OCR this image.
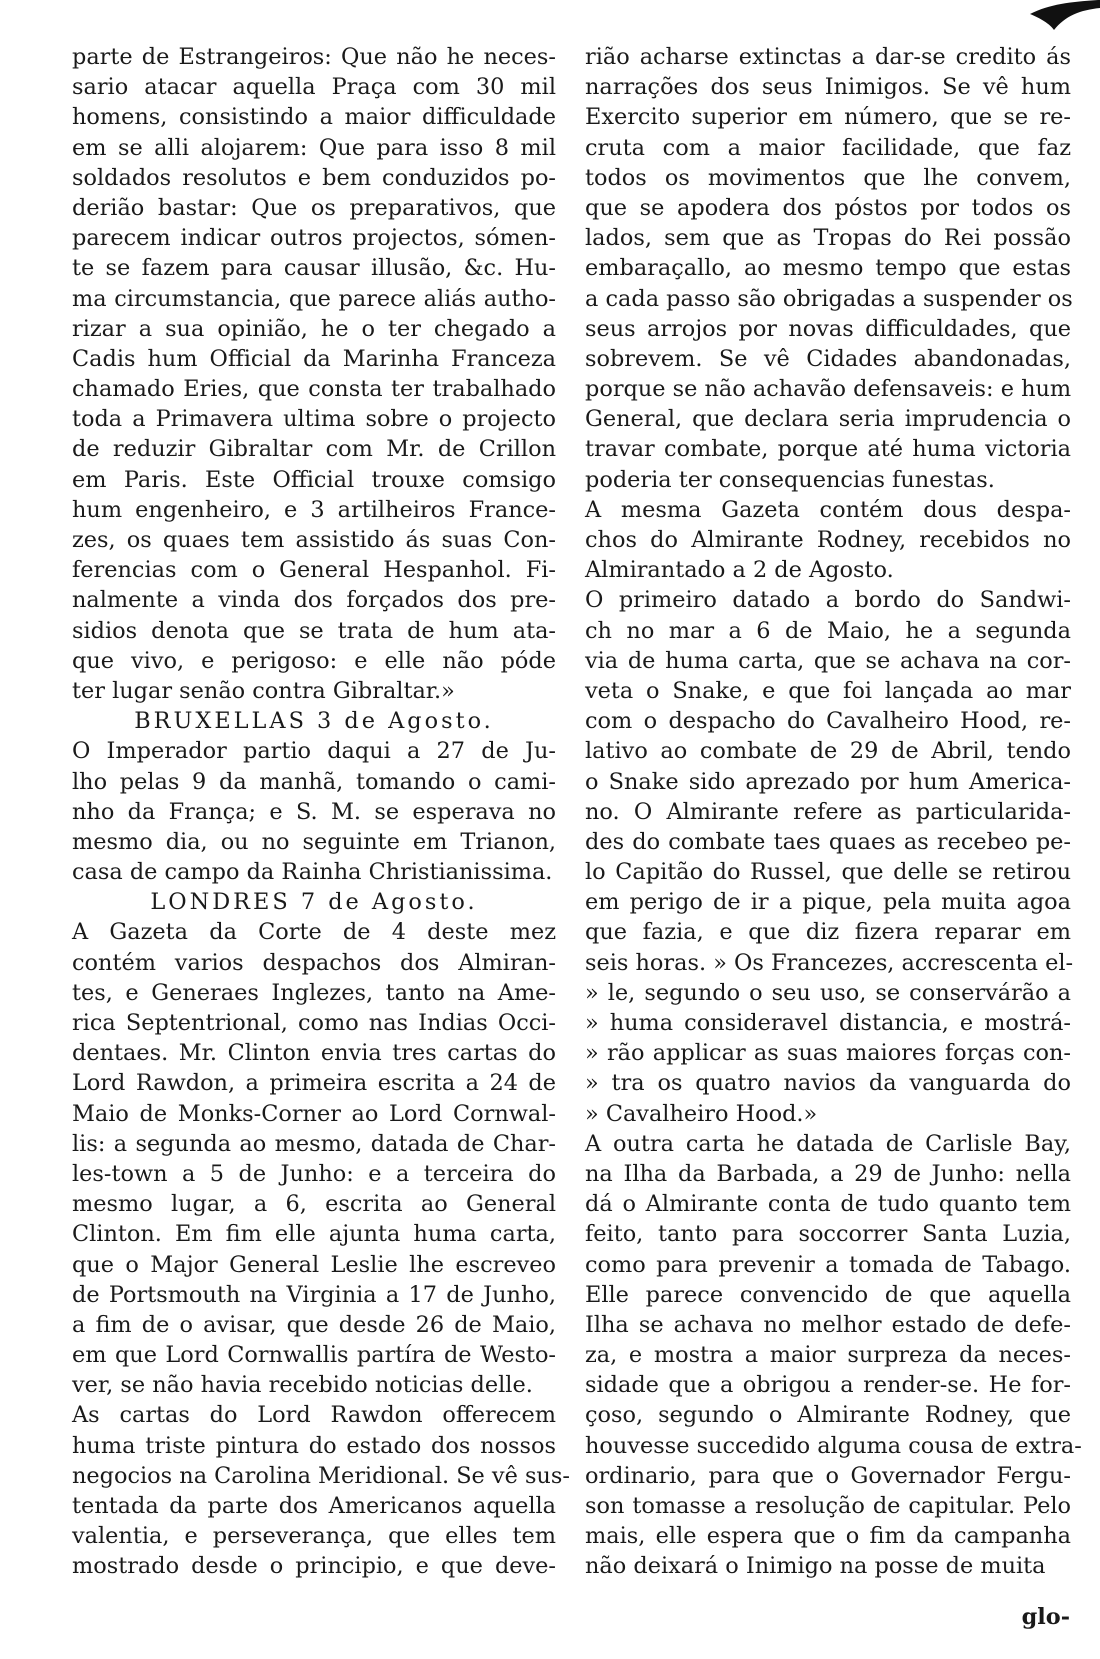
parte de Estrangeiros: Que não he neces-
sario atacar aquella Praça com 30 mil
homens, consistindo a maior difficuldade
em se alli alojarem: Que para isso 8 mil
soldados resolutos e bem conduzidos po-
derião bastar: Que os preparativos, que
parecem indicar outros projectos, sómen-
te se fazem para causar illusão, &c. Hu-
ma circumstancia, que parece aliás autho-
rizar a sua opinião, he o ter chegado a
Cadis hum Official da Marinha Franceza
chamado Eries, que consta ter trabalhado
toda a Primavera ultima sobre o projecto
de reduzir Gibraltar com Mr. de Crillon
em Paris. Este Official trouxe comsigo
hum engenheiro, e 3 artilheiros France-
zes, os quaes tem assistido ás suas Con-
ferencias com o General Hespanhol. Fi-
nalmente a vinda dos forçados dos pre-
sidios denota que se trata de hum ata-
que vivo, e perigoso: e elle não póde
ter lugar senão contra Gibraltar.»
BRUXELLAS 3 de Agosto.
O Imperador partio daqui a 27 de Ju-
lho pelas 9 da manhã, tomando o cami-
nho da França; e S. M. se esperava no
mesmo dia, ou no seguinte em Trianon,
casa de campo da Rainha Christianissima.
LONDRES 7 de Agosto.
A Gazeta da Corte de 4 deste mez
contém varios despachos dos Almiran-
tes, e Generaes Inglezes, tanto na Ame-
rica Septentrional, como nas Indias Occi-
dentaes. Mr. Clinton envia tres cartas do
Lord Rawdon, a primeira escrita a 24 de
Maio de Monks-Corner ao Lord Cornwal-
lis: a segunda ao mesmo, datada de Char-
les-town a 5 de Junho: e a terceira do
mesmo lugar, a 6, escrita ao General
Clinton. Em fim elle ajunta huma carta,
que o Major General Leslie lhe escreveo
de Portsmouth na Virginia a 17 de Junho,
a fim de o avisar, que desde 26 de Maio,
em que Lord Cornwallis partíra de Westo-
ver, se não havia recebido noticias delle.
As cartas do Lord Rawdon offerecem
huma triste pintura do estado dos nossos
negocios na Carolina Meridional. Se vê sus-
tentada da parte dos Americanos aquella
valentia, e perseverança, que elles tem
mostrado desde o principio, e que deve-
rião acharse extinctas a dar-se credito ás
narrações dos seus Inimigos. Se vê hum
Exercito superior em número, que se re-
cruta com a maior facilidade, que faz
todos os movimentos que lhe convem,
que se apodera dos póstos por todos os
lados, sem que as Tropas do Rei possão
embaraçallo, ao mesmo tempo que estas
a cada passo são obrigadas a suspender os
seus arrojos por novas difficuldades, que
sobrevem. Se vê Cidades abandonadas,
porque se não achavão defensaveis: e hum
General, que declara seria imprudencia o
travar combate, porque até huma victoria
poderia ter consequencias funestas.
A mesma Gazeta contém dous despa-
chos do Almirante Rodney, recebidos no
Almirantado a 2 de Agosto.
O primeiro datado a bordo do Sandwi-
ch no mar a 6 de Maio, he a segunda
via de huma carta, que se achava na cor-
veta o Snake, e que foi lançada ao mar
com o despacho do Cavalheiro Hood, re-
lativo ao combate de 29 de Abril, tendo
o Snake sido aprezado por hum America-
no. O Almirante refere as particularida-
des do combate taes quaes as recebeo pe-
lo Capitão do Russel, que delle se retirou
em perigo de ir a pique, pela muita agoa
que fazia, e que diz fizera reparar em
seis horas. » Os Francezes, accrescenta el-
» le, segundo o seu uso, se conservárão a
» huma consideravel distancia, e mostrá-
» rão applicar as suas maiores forças con-
» tra os quatro navios da vanguarda do
» Cavalheiro Hood.»
A outra carta he datada de Carlisle Bay,
na Ilha da Barbada, a 29 de Junho: nella
dá o Almirante conta de tudo quanto tem
feito, tanto para soccorrer Santa Luzia,
como para prevenir a tomada de Tabago.
Elle parece convencido de que aquella
Ilha se achava no melhor estado de defe-
za, e mostra a maior surpreza da neces-
sidade que a obrigou a render-se. He for-
çoso, segundo o Almirante Rodney, que
houvesse succedido alguma cousa de extra-
ordinario, para que o Governador Fergu-
son tomasse a resolução de capitular. Pelo
mais, elle espera que o fim da campanha
não deixará o Inimigo na posse de muita
glo-
